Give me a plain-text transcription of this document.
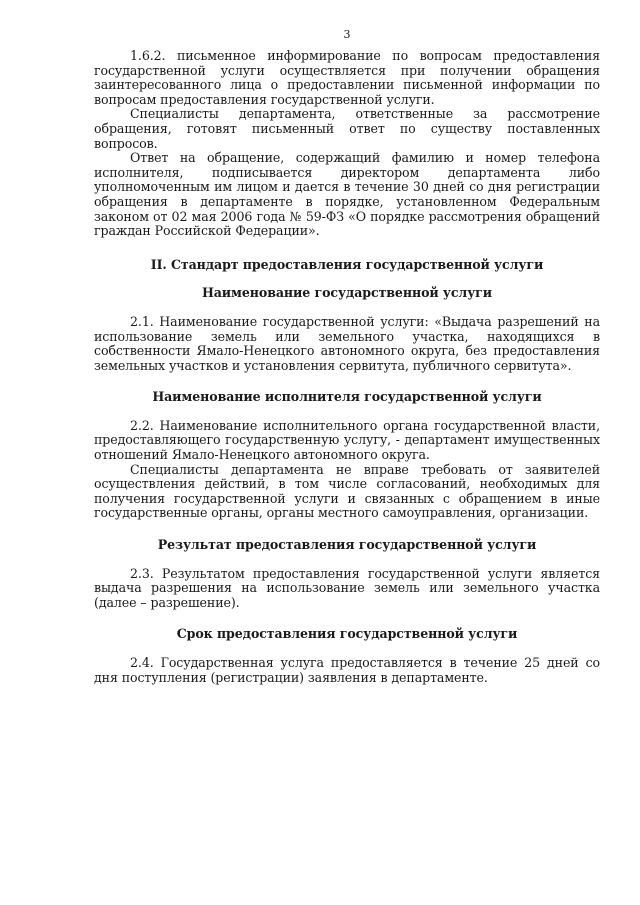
3

1.6.2. письменное информирование по вопросам предоставления государственной услуги осуществляется при получении обращения заинтересованного лица о предоставлении письменной информации по вопросам предоставления государственной услуги.

Специалисты департамента, ответственные за рассмотрение обращения, готовят письменный ответ по существу поставленных вопросов.

Ответ на обращение, содержащий фамилию и номер телефона исполнителя, подписывается директором департамента либо уполномоченным им лицом и дается в течение 30 дней со дня регистрации обращения в департаменте в порядке, установленном Федеральным законом от 02 мая 2006 года № 59-ФЗ «О порядке рассмотрения обращений граждан Российской Федерации».

II. Стандарт предоставления государственной услуги
Наименование государственной услуги

2.1. Наименование государственной услуги: «Выдача разрешений на использование земель или земельного участка, находящихся в собственности Ямало-Ненецкого автономного округа, без предоставления земельных участков и установления сервитута, публичного сервитута».

Наименование исполнителя государственной услуги

2.2. Наименование исполнительного органа государственной власти, предоставляющего государственную услугу, - департамент имущественных отношений Ямало-Ненецкого автономного округа.

Специалисты департамента не вправе требовать от заявителей осуществления действий, в том числе согласований, необходимых для получения государственной услуги и связанных с обращением в иные государственные органы, органы местного самоуправления, организации.

Результат предоставления государственной услуги

2.3. Результатом предоставления государственной услуги является выдача разрешения на использование земель или земельного участка (далее – разрешение).

Срок предоставления государственной услуги

2.4. Государственная услуга предоставляется в течение 25 дней со дня поступления (регистрации) заявления в департаменте.
